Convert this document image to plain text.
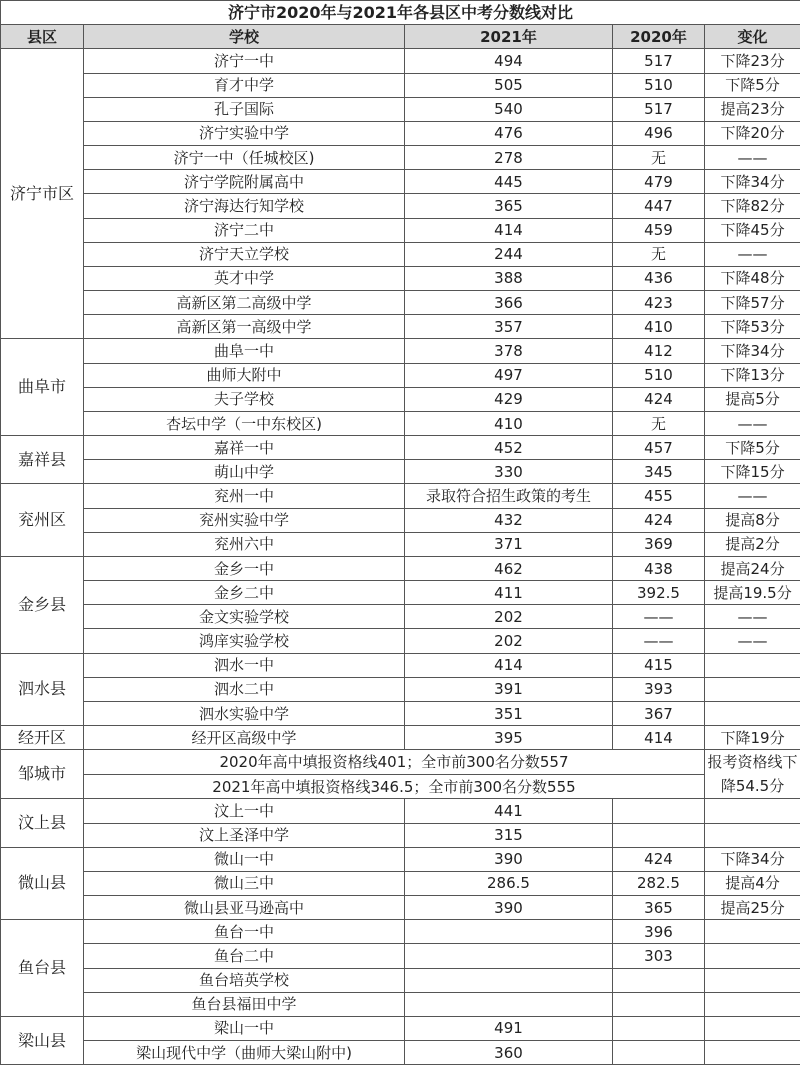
济宁市2020年与2021年各县区中考分数线对比				
县区	学校	2021年	2020年	变化
济宁市区	济宁一中	494	517	下降23分
	育才中学	505	510	下降5分
	孔子国际	540	517	提高23分
	济宁实验中学	476	496	下降20分
	济宁一中（任城校区)	278	无	——
	济宁学院附属高中	445	479	下降34分
	济宁海达行知学校	365	447	下降82分
	济宁二中	414	459	下降45分
	济宁天立学校	244	无	——
	英才中学	388	436	下降48分
	高新区第二高级中学	366	423	下降57分
	高新区第一高级中学	357	410	下降53分
曲阜市	曲阜一中	378	412	下降34分
	曲师大附中	497	510	下降13分
	夫子学校	429	424	提高5分
	杏坛中学（一中东校区)	410	无	——
嘉祥县	嘉祥一中	452	457	下降5分
	萌山中学	330	345	下降15分
兖州区	兖州一中	录取符合招生政策的考生	455	——
	兖州实验中学	432	424	提高8分
	兖州六中	371	369	提高2分
金乡县	金乡一中	462	438	提高24分
	金乡二中	411	392.5	提高19.5分
	金文实验学校	202	——	——
	鸿庠实验学校	202	——	——
泗水县	泗水一中	414	415	
	泗水二中	391	393	
	泗水实验中学	351	367	
经开区	经开区高级中学	395	414	下降19分
邹城市	2020年高中填报资格线401；全市前300名分数557			报考资格线下降54.5分
	2021年高中填报资格线346.5；全市前300名分数555			
汶上县	汶上一中	441		
	汶上圣泽中学	315		
微山县	微山一中	390	424	下降34分
	微山三中	286.5	282.5	提高4分
	微山县亚马逊高中	390	365	提高25分
鱼台县	鱼台一中		396	
	鱼台二中		303	
	鱼台培英学校			
	鱼台县福田中学			
梁山县	梁山一中	491		
	梁山现代中学（曲师大梁山附中)	360		
